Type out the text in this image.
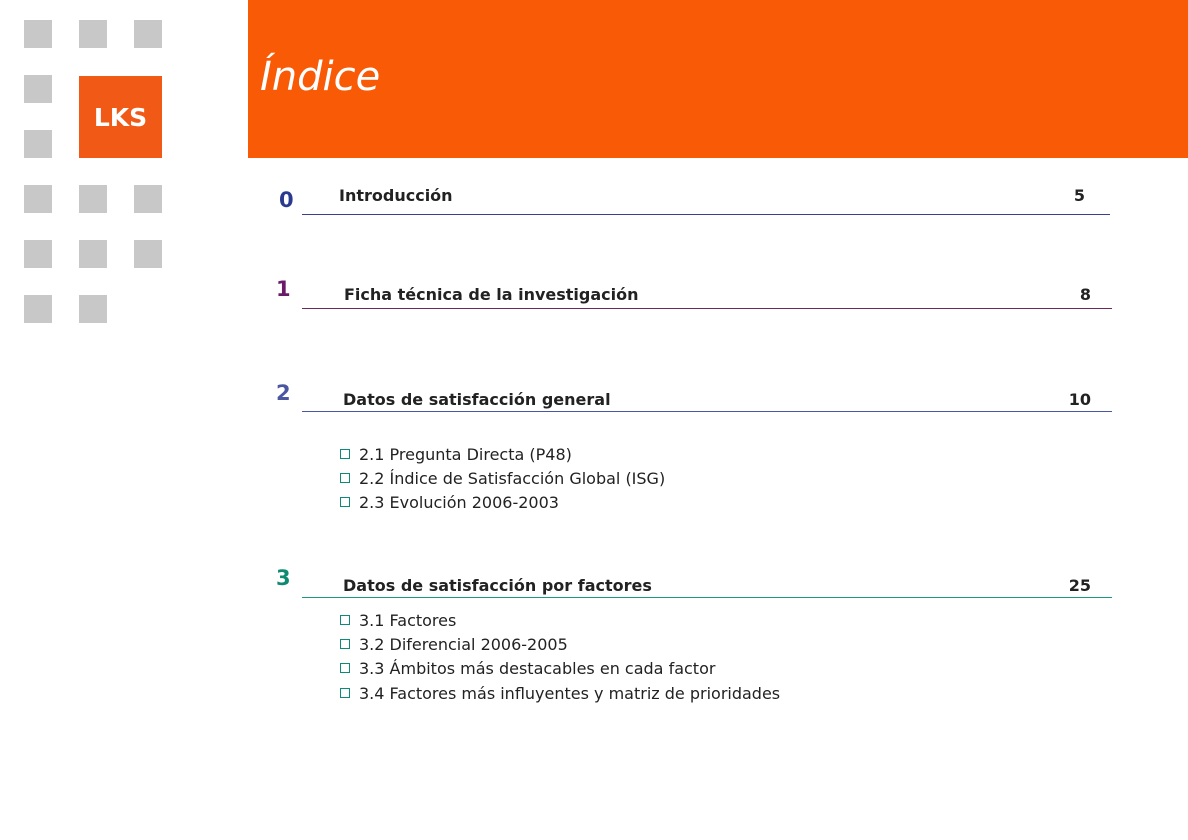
LKS
Índice
0	Introducción	5
1	Ficha técnica de la investigación	8
2	Datos de satisfacción general	10
2.1 Pregunta Directa (P48)
2.2 Índice de Satisfacción Global (ISG)
2.3 Evolución 2006-2003
3	Datos de satisfacción por factores	25
3.1 Factores
3.2 Diferencial 2006-2005
3.3 Ámbitos más destacables en cada factor
3.4 Factores más influyentes y matriz de prioridades
